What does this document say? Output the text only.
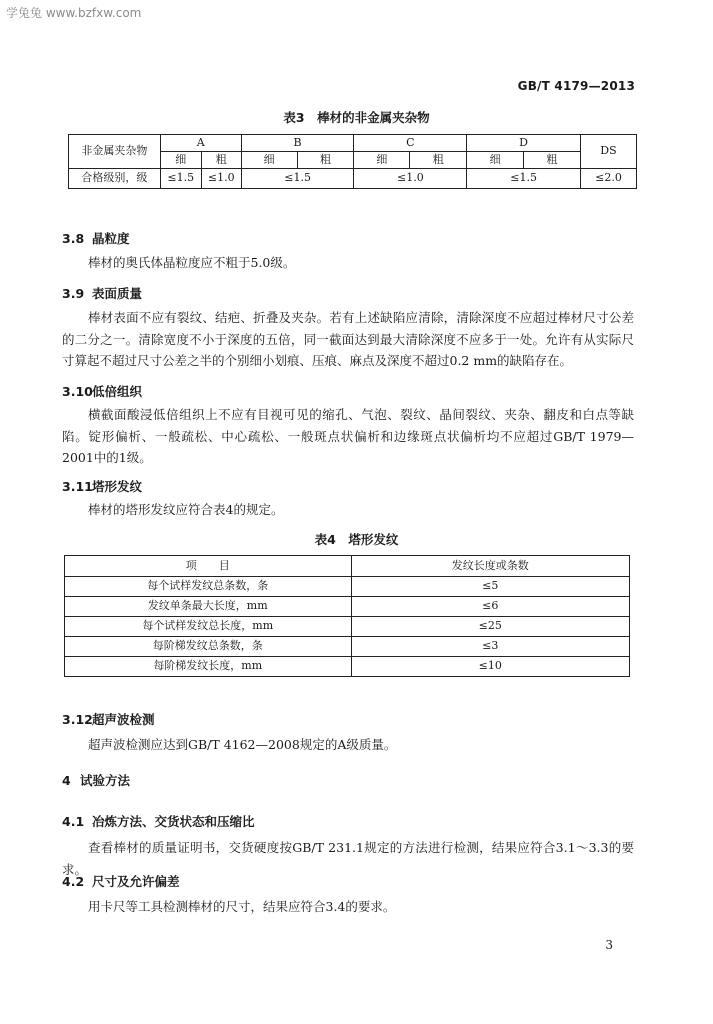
学兔兔 www.bzfxw.com
GB/T 4179—2013
表3　棒材的非金属夹杂物
非金属夹杂物	A		B		C		D		DS
	细	粗	细	粗	细	粗	细	粗	
合格级别，级	≤1.5	≤1.0	≤1.5		≤1.0		≤1.5		≤2.0
3.8 晶粒度

棒材的奥氏体晶粒度应不粗于5.0级。

3.9 表面质量

棒材表面不应有裂纹、结疤、折叠及夹杂。若有上述缺陷应清除，清除深度不应超过棒材尺寸公差的二分之一。清除宽度不小于深度的五倍，同一截面达到最大清除深度不应多于一处。允许有从实际尺寸算起不超过尺寸公差之半的个别细小划痕、压痕、麻点及深度不超过0.2 mm的缺陷存在。

3.10低倍组织

横截面酸浸低倍组织上不应有目视可见的缩孔、气泡、裂纹、晶间裂纹、夹杂、翻皮和白点等缺陷。锭形偏析、一般疏松、中心疏松、一般斑点状偏析和边缘斑点状偏析均不应超过GB/T 1979—2001中的1级。

3.11塔形发纹

棒材的塔形发纹应符合表4的规定。

表4　塔形发纹
项　　目	发纹长度或条数
每个试样发纹总条数，条	≤5
发纹单条最大长度，mm	≤6
每个试样发纹总长度，mm	≤25
每阶梯发纹总条数，条	≤3
每阶梯发纹长度，mm	≤10
3.12超声波检测

超声波检测应达到GB/T 4162—2008规定的A级质量。

4 试验方法
4.1 冶炼方法、交货状态和压缩比

查看棒材的质量证明书，交货硬度按GB/T 231.1规定的方法进行检测，结果应符合3.1～3.3的要求。

4.2 尺寸及允许偏差

用卡尺等工具检测棒材的尺寸，结果应符合3.4的要求。

3
